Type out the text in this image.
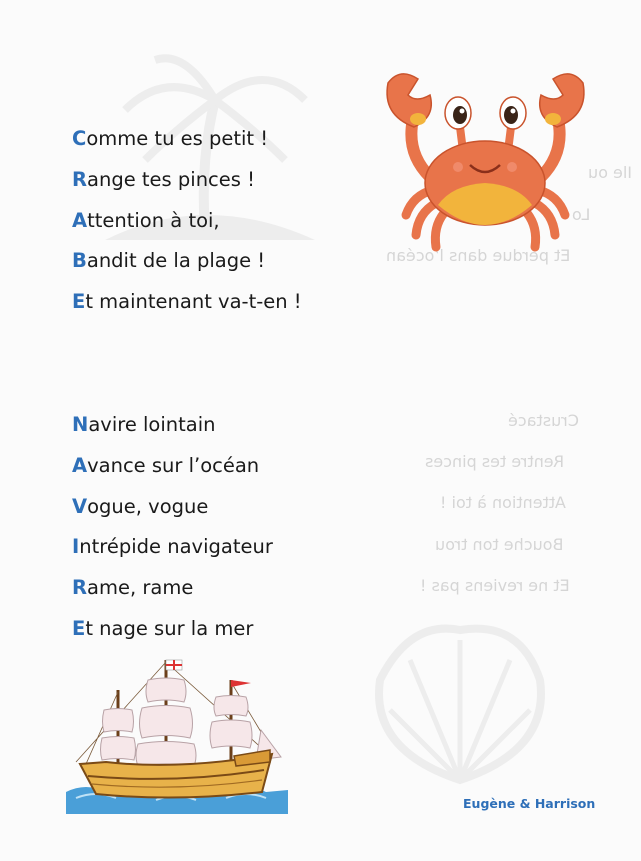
Ile ou
Lo
Et perdue dans l’océan
Crustacé
Rentre tes pinces
Attention à toi !
Bouche ton trou
Et ne reviens pas !
Comme tu es petit !
Range tes pinces !
Attention à toi,
Bandit de la plage !
Et maintenant va-t-en !
Navire lointain
Avance sur l’océan
Vogue, vogue
Intrépide navigateur
Rame, rame
Et nage sur la mer
Eugène & Harrison
